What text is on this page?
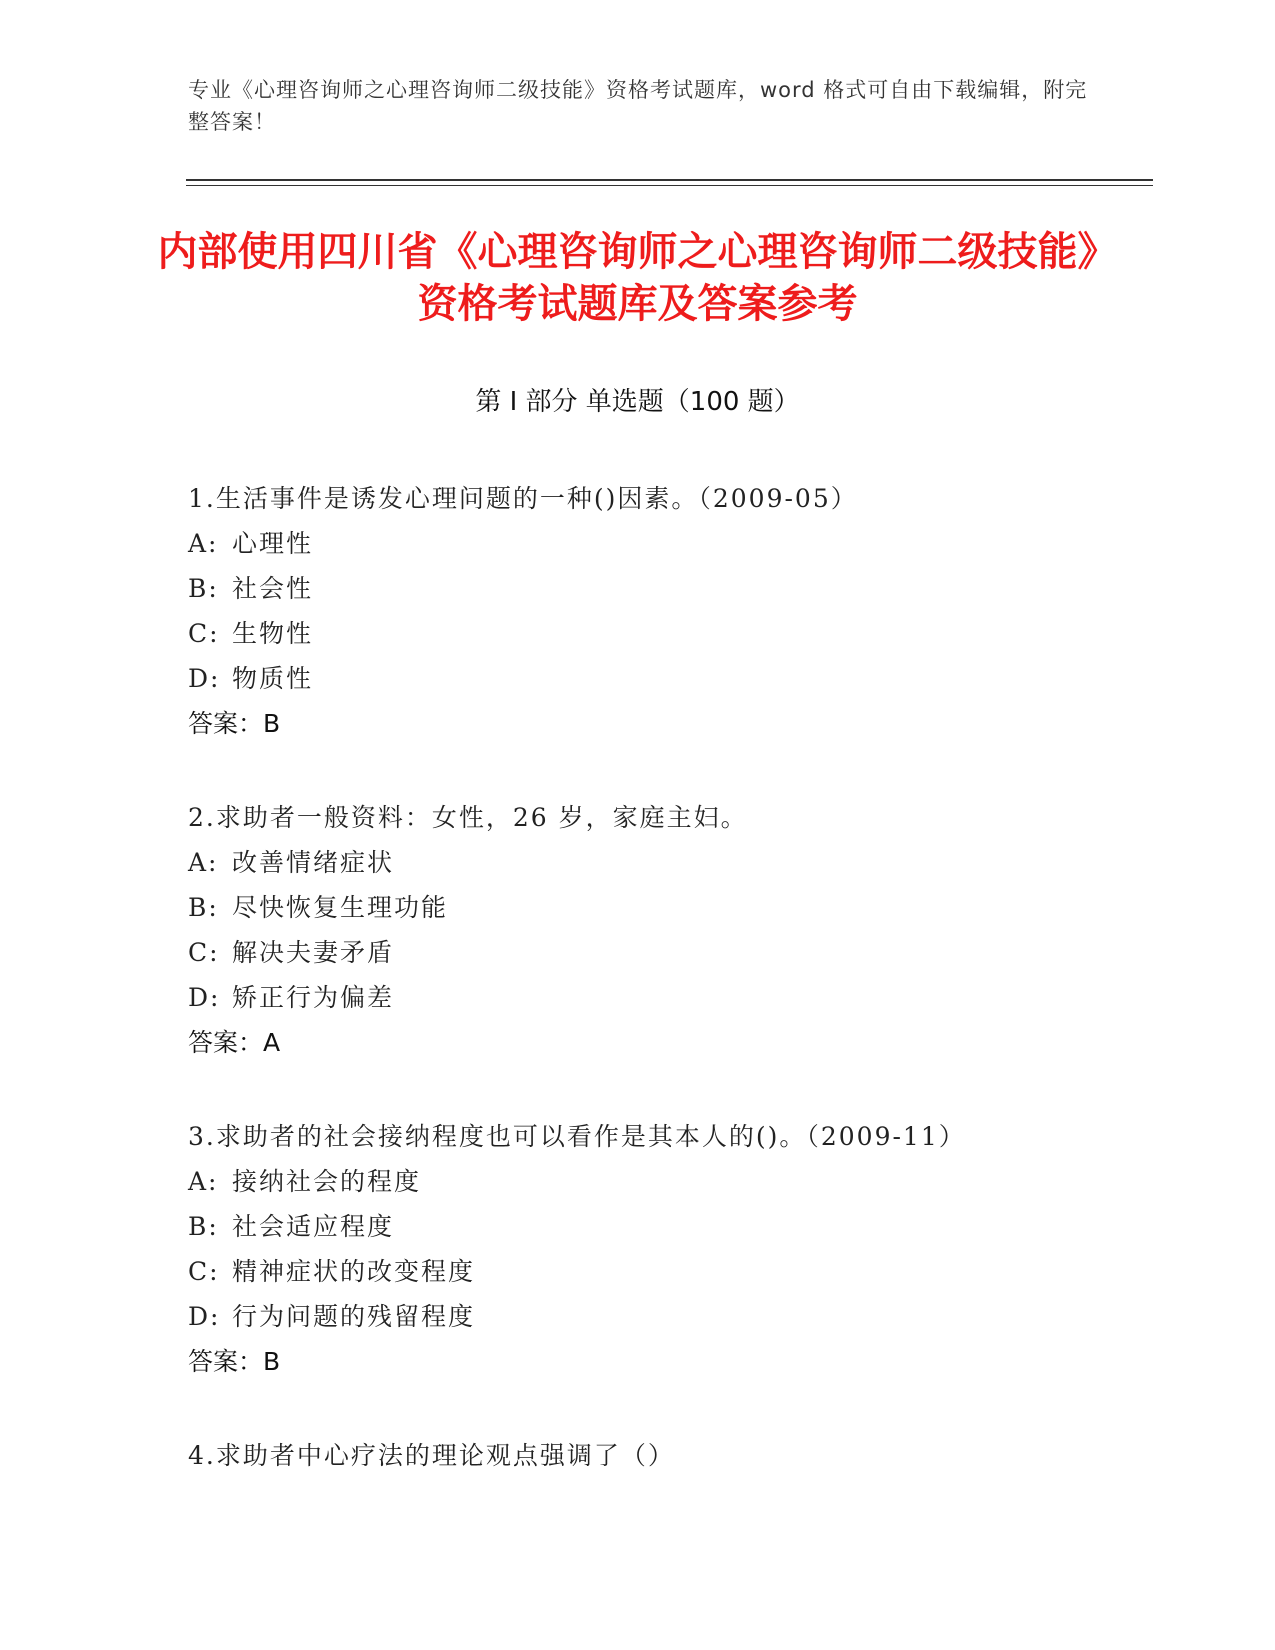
专业《心理咨询师之心理咨询师二级技能》资格考试题库，word 格式可自由下载编辑，附完整答案！
内部使用四川省《心理咨询师之心理咨询师二级技能》资格考试题库及答案参考
第 I 部分 单选题（100 题）
1.生活事件是诱发心理问题的一种()因素。（2009-05）
A: 心理性
B: 社会性
C: 生物性
D: 物质性
答案：B
2.求助者一般资料：女性，26 岁，家庭主妇。
A: 改善情绪症状
B: 尽快恢复生理功能
C: 解决夫妻矛盾
D: 矫正行为偏差
答案：A
3.求助者的社会接纳程度也可以看作是其本人的()。（2009-11）
A: 接纳社会的程度
B: 社会适应程度
C: 精神症状的改变程度
D: 行为问题的残留程度
答案：B
4.求助者中心疗法的理论观点强调了（）
